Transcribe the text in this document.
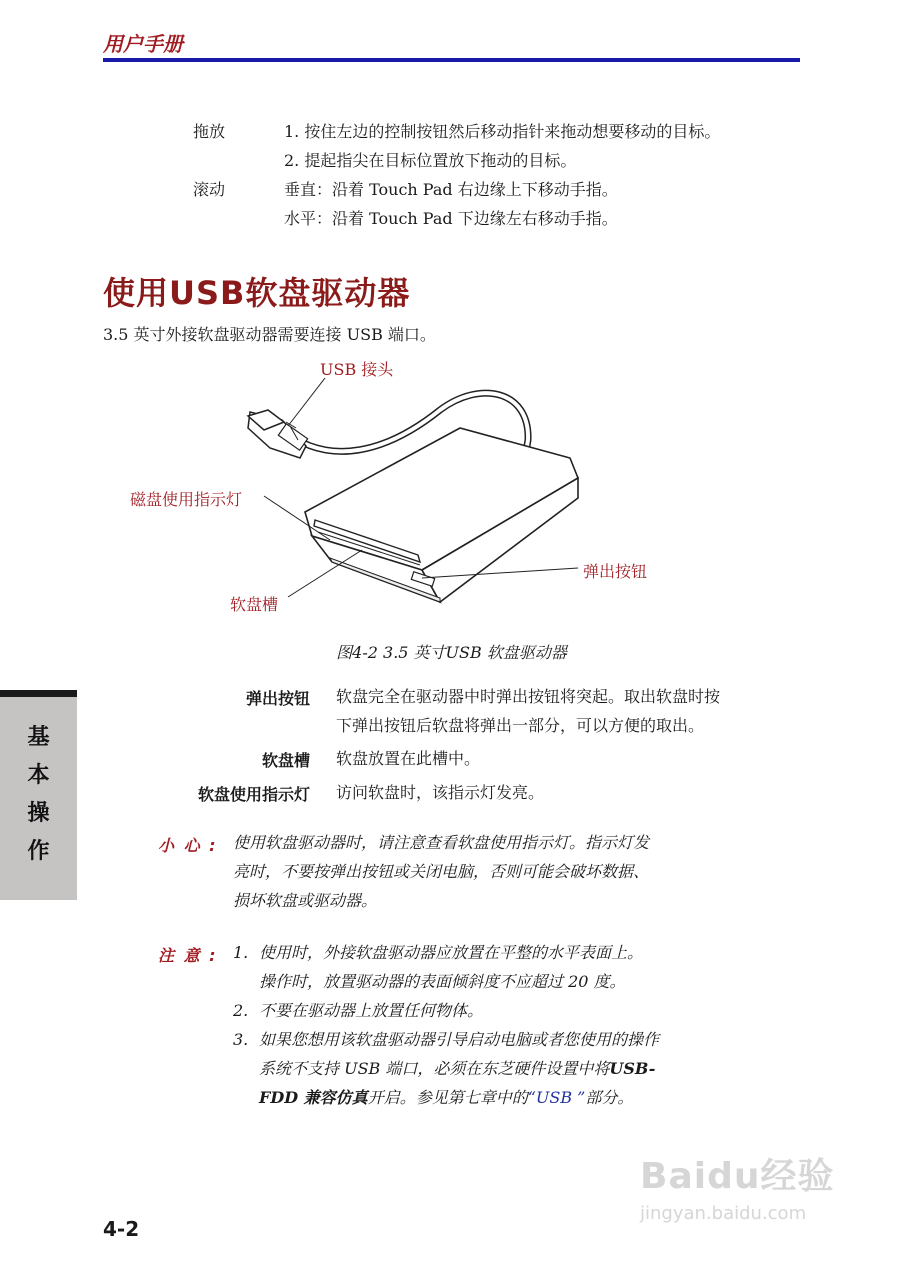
用户手册
拖放	1. 按住左边的控制按钮然后移动指针来拖动想要移动的目标。
2. 提起指尖在目标位置放下拖动的目标。
滚动	垂直：沿着 Touch Pad 右边缘上下移动手指。
水平：沿着 Touch Pad 下边缘左右移动手指。
使用USB软盘驱动器
3.5 英寸外接软盘驱动器需要连接 USB 端口。
USB 接头
磁盘使用指示灯
弹出按钮
软盘槽
图4-2 3.5 英寸USB 软盘驱动器
弹出按钮 软盘完全在驱动器中时弹出按钮将突起。取出软盘时按
下弹出按钮后软盘将弹出一部分，可以方便的取出。
软盘槽 软盘放置在此槽中。
软盘使用指示灯 访问软盘时，该指示灯发亮。
基
本
操
作	小 心 : 使用软盘驱动器时，请注意查看软盘使用指示灯。指示灯发
亮时，不要按弹出按钮或关闭电脑，否则可能会破坏数据、
损坏软盘或驱动器。
注 意 : 1. 使用时，外接软盘驱动器应放置在平整的水平表面上。
操作时，放置驱动器的表面倾斜度不应超过 20 度。
2. 不要在驱动器上放置任何物体。
3. 如果您想用该软盘驱动器引导启动电脑或者您使用的操作
系统不支持 USB 端口，必须在东芝硬件设置中将USB-
FDD 兼容仿真开启。参见第七章中的“USB ”部分。
4-2
Baidu经验
jingyan.baidu.com
